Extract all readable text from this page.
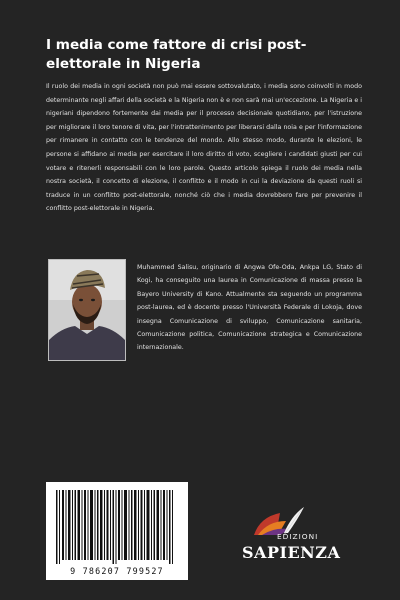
I media come fattore di crisi post-elettorale in Nigeria

Il ruolo dei media in ogni società non può mai essere sottovalutato, i media sono coinvolti in modo determinante negli affari della società e la Nigeria non è e non sarà mai un'eccezione. La Nigeria e i nigeriani dipendono fortemente dai media per il processo decisionale quotidiano, per l'istruzione per migliorare il loro tenore di vita, per l'intrattenimento per liberarsi dalla noia e per l'informazione per rimanere in contatto con le tendenze del mondo. Allo stesso modo, durante le elezioni, le persone si affidano ai media per esercitare il loro diritto di voto, scegliere i candidati giusti per cui votare e ritenerli responsabili con le loro parole. Questo articolo spiega il ruolo dei media nella nostra società, il concetto di elezione, il conflitto e il modo in cui la deviazione da questi ruoli si traduce in un conflitto post-elettorale, nonché ciò che i media dovrebbero fare per prevenire il conflitto post-elettorale in Nigeria.

Muhammed Salisu, originario di Angwa Ofe-Oda, Ankpa LG, Stato di Kogi, ha conseguito una laurea in Comunicazione di massa presso la Bayero University di Kano. Attualmente sta seguendo un programma post-laurea, ed è docente presso l'Università Federale di Lokoja, dove insegna Comunicazione di sviluppo, Comunicazione sanitaria, Comunicazione politica, Comunicazione strategica e Comunicazione internazionale.

9 786207 799527
EDIZIONI
SAPIENZA
